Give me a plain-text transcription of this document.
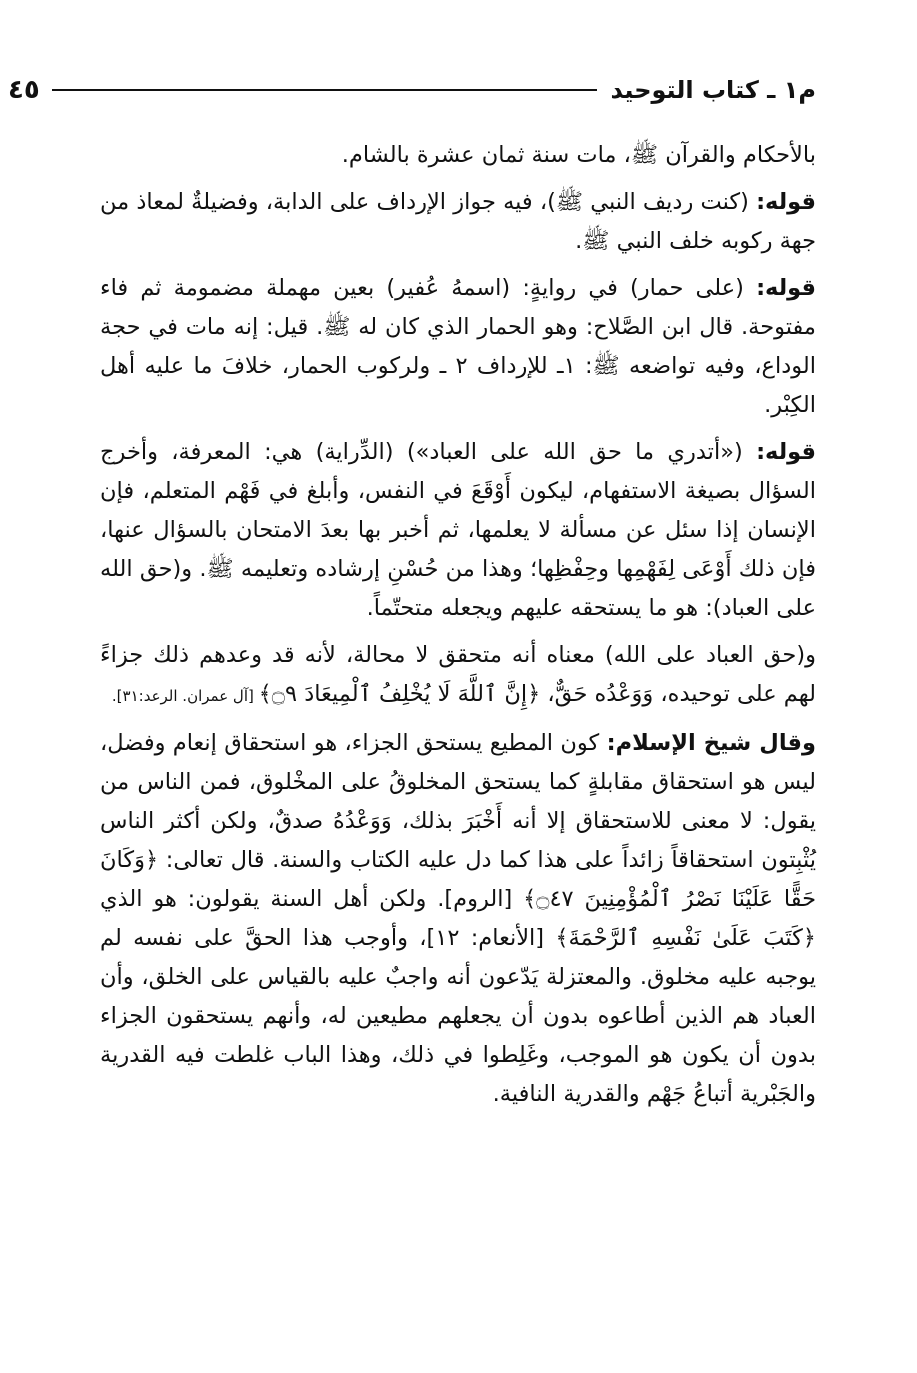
م١ ـ كتاب التوحيد
٤٥

بالأحكام والقرآن ﷺ، مات سنة ثمان عشرة بالشام.

قوله: (كنت رديف النبي ﷺ)، فيه جواز الإرداف على الدابة، وفضيلةٌ لمعاذ من جهة ركوبه خلف النبي ﷺ.

قوله: (على حمار) في روايةٍ: (اسمهُ عُفير) بعين مهملة مضمومة ثم فاء مفتوحة. قال ابن الصَّلاح: وهو الحمار الذي كان له ﷺ. قيل: إنه مات في حجة الوداع، وفيه تواضعه ﷺ: ١ـ للإرداف ٢ ـ ولركوب الحمار، خلافَ ما عليه أهل الكِبْر.

قوله: («أتدري ما حق الله على العباد») (الدِّراية) هي: المعرفة، وأخرج السؤال بصيغة الاستفهام، ليكون أَوْقَعَ في النفس، وأبلغ في فَهْم المتعلم، فإن الإنسان إذا سئل عن مسألة لا يعلمها، ثم أخبر بها بعدَ الامتحان بالسؤال عنها، فإن ذلك أَوْعَى لِفَهْمِها وحِفْظِها؛ وهذا من حُسْنِ إرشاده وتعليمه ﷺ. و(حق الله على العباد): هو ما يستحقه عليهم ويجعله متحتّماً.

و(حق العباد على الله) معناه أنه متحقق لا محالة، لأنه قد وعدهم ذلك جزاءً لهم على توحيده، وَوَعْدُه حَقٌّ، ﴿إِنَّ ٱللَّهَ لَا يُخْلِفُ ٱلْمِيعَادَ ۝٩﴾ [آل عمران. الرعد:٣١].

وقال شيخ الإسلام: كون المطيع يستحق الجزاء، هو استحقاق إنعام وفضل، ليس هو استحقاق مقابلةٍ كما يستحق المخلوقُ على المخْلوق، فمن الناس من يقول: لا معنى للاستحقاق إلا أنه أَخْبَرَ بذلك، وَوَعْدُهُ صدقٌ، ولكن أكثر الناس يُثْبِتون استحقاقاً زائداً على هذا كما دل عليه الكتاب والسنة. قال تعالى: ﴿وَكَانَ حَقًّا عَلَيْنَا نَصْرُ ٱلْمُؤْمِنِينَ ۝٤٧﴾ [الروم]. ولكن أهل السنة يقولون: هو الذي ﴿كَتَبَ عَلَىٰ نَفْسِهِ ٱلرَّحْمَةَ﴾ [الأنعام: ١٢]، وأوجب هذا الحقَّ على نفسه لم يوجبه عليه مخلوق. والمعتزلة يَدّعون أنه واجبٌ عليه بالقياس على الخلق، وأن العباد هم الذين أطاعوه بدون أن يجعلهم مطيعين له، وأنهم يستحقون الجزاء بدون أن يكون هو الموجب، وغَلِطوا في ذلك، وهذا الباب غلطت فيه القدرية والجَبْرية أتباعُ جَهْم والقدرية النافية.
